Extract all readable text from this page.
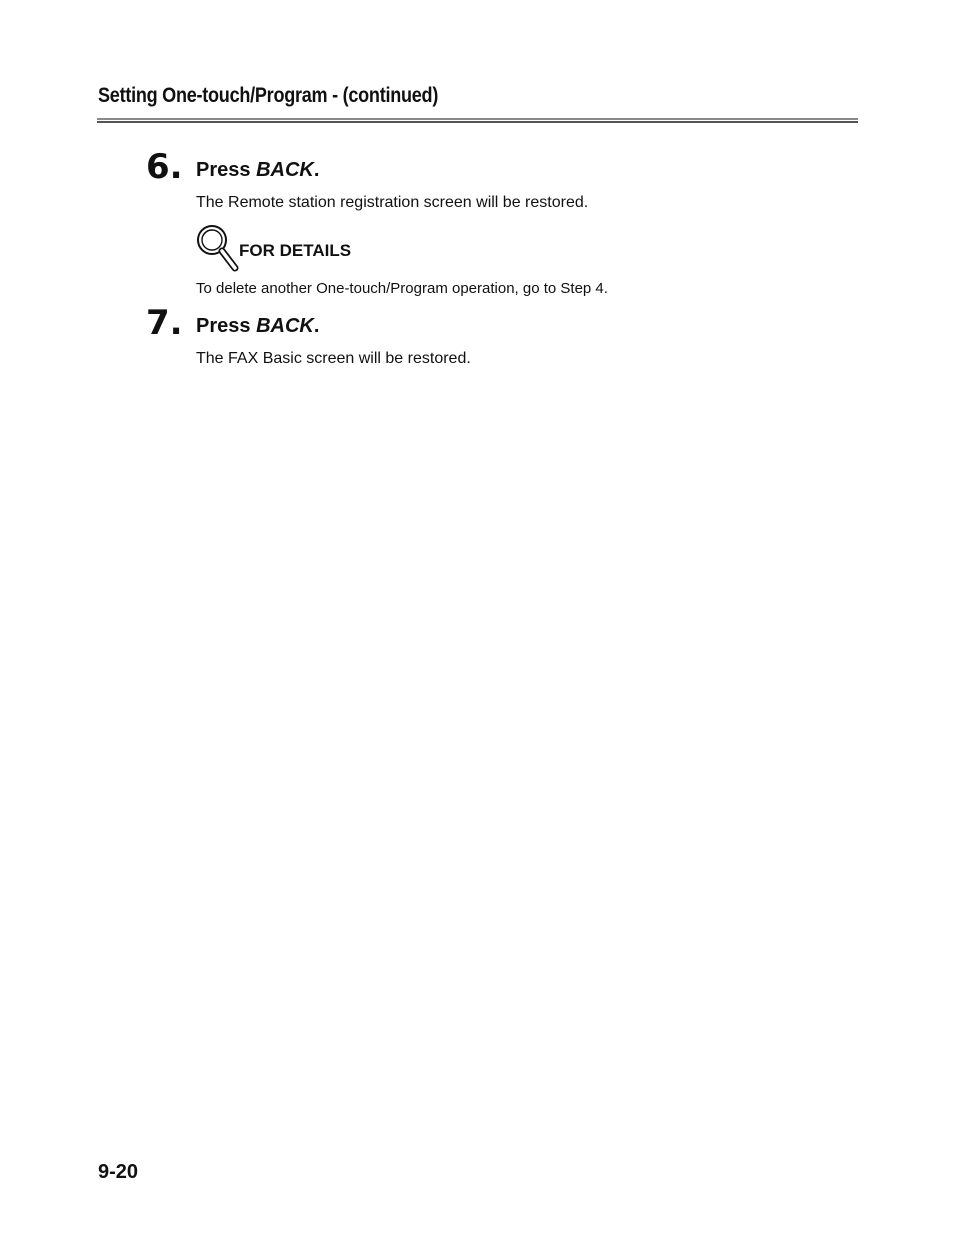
Setting One-touch/Program - (continued)
6. Press BACK.
The Remote station registration screen will be restored.
FOR DETAILS
To delete another One-touch/Program operation, go to Step 4.
7. Press BACK.
The FAX Basic screen will be restored.
9-20
